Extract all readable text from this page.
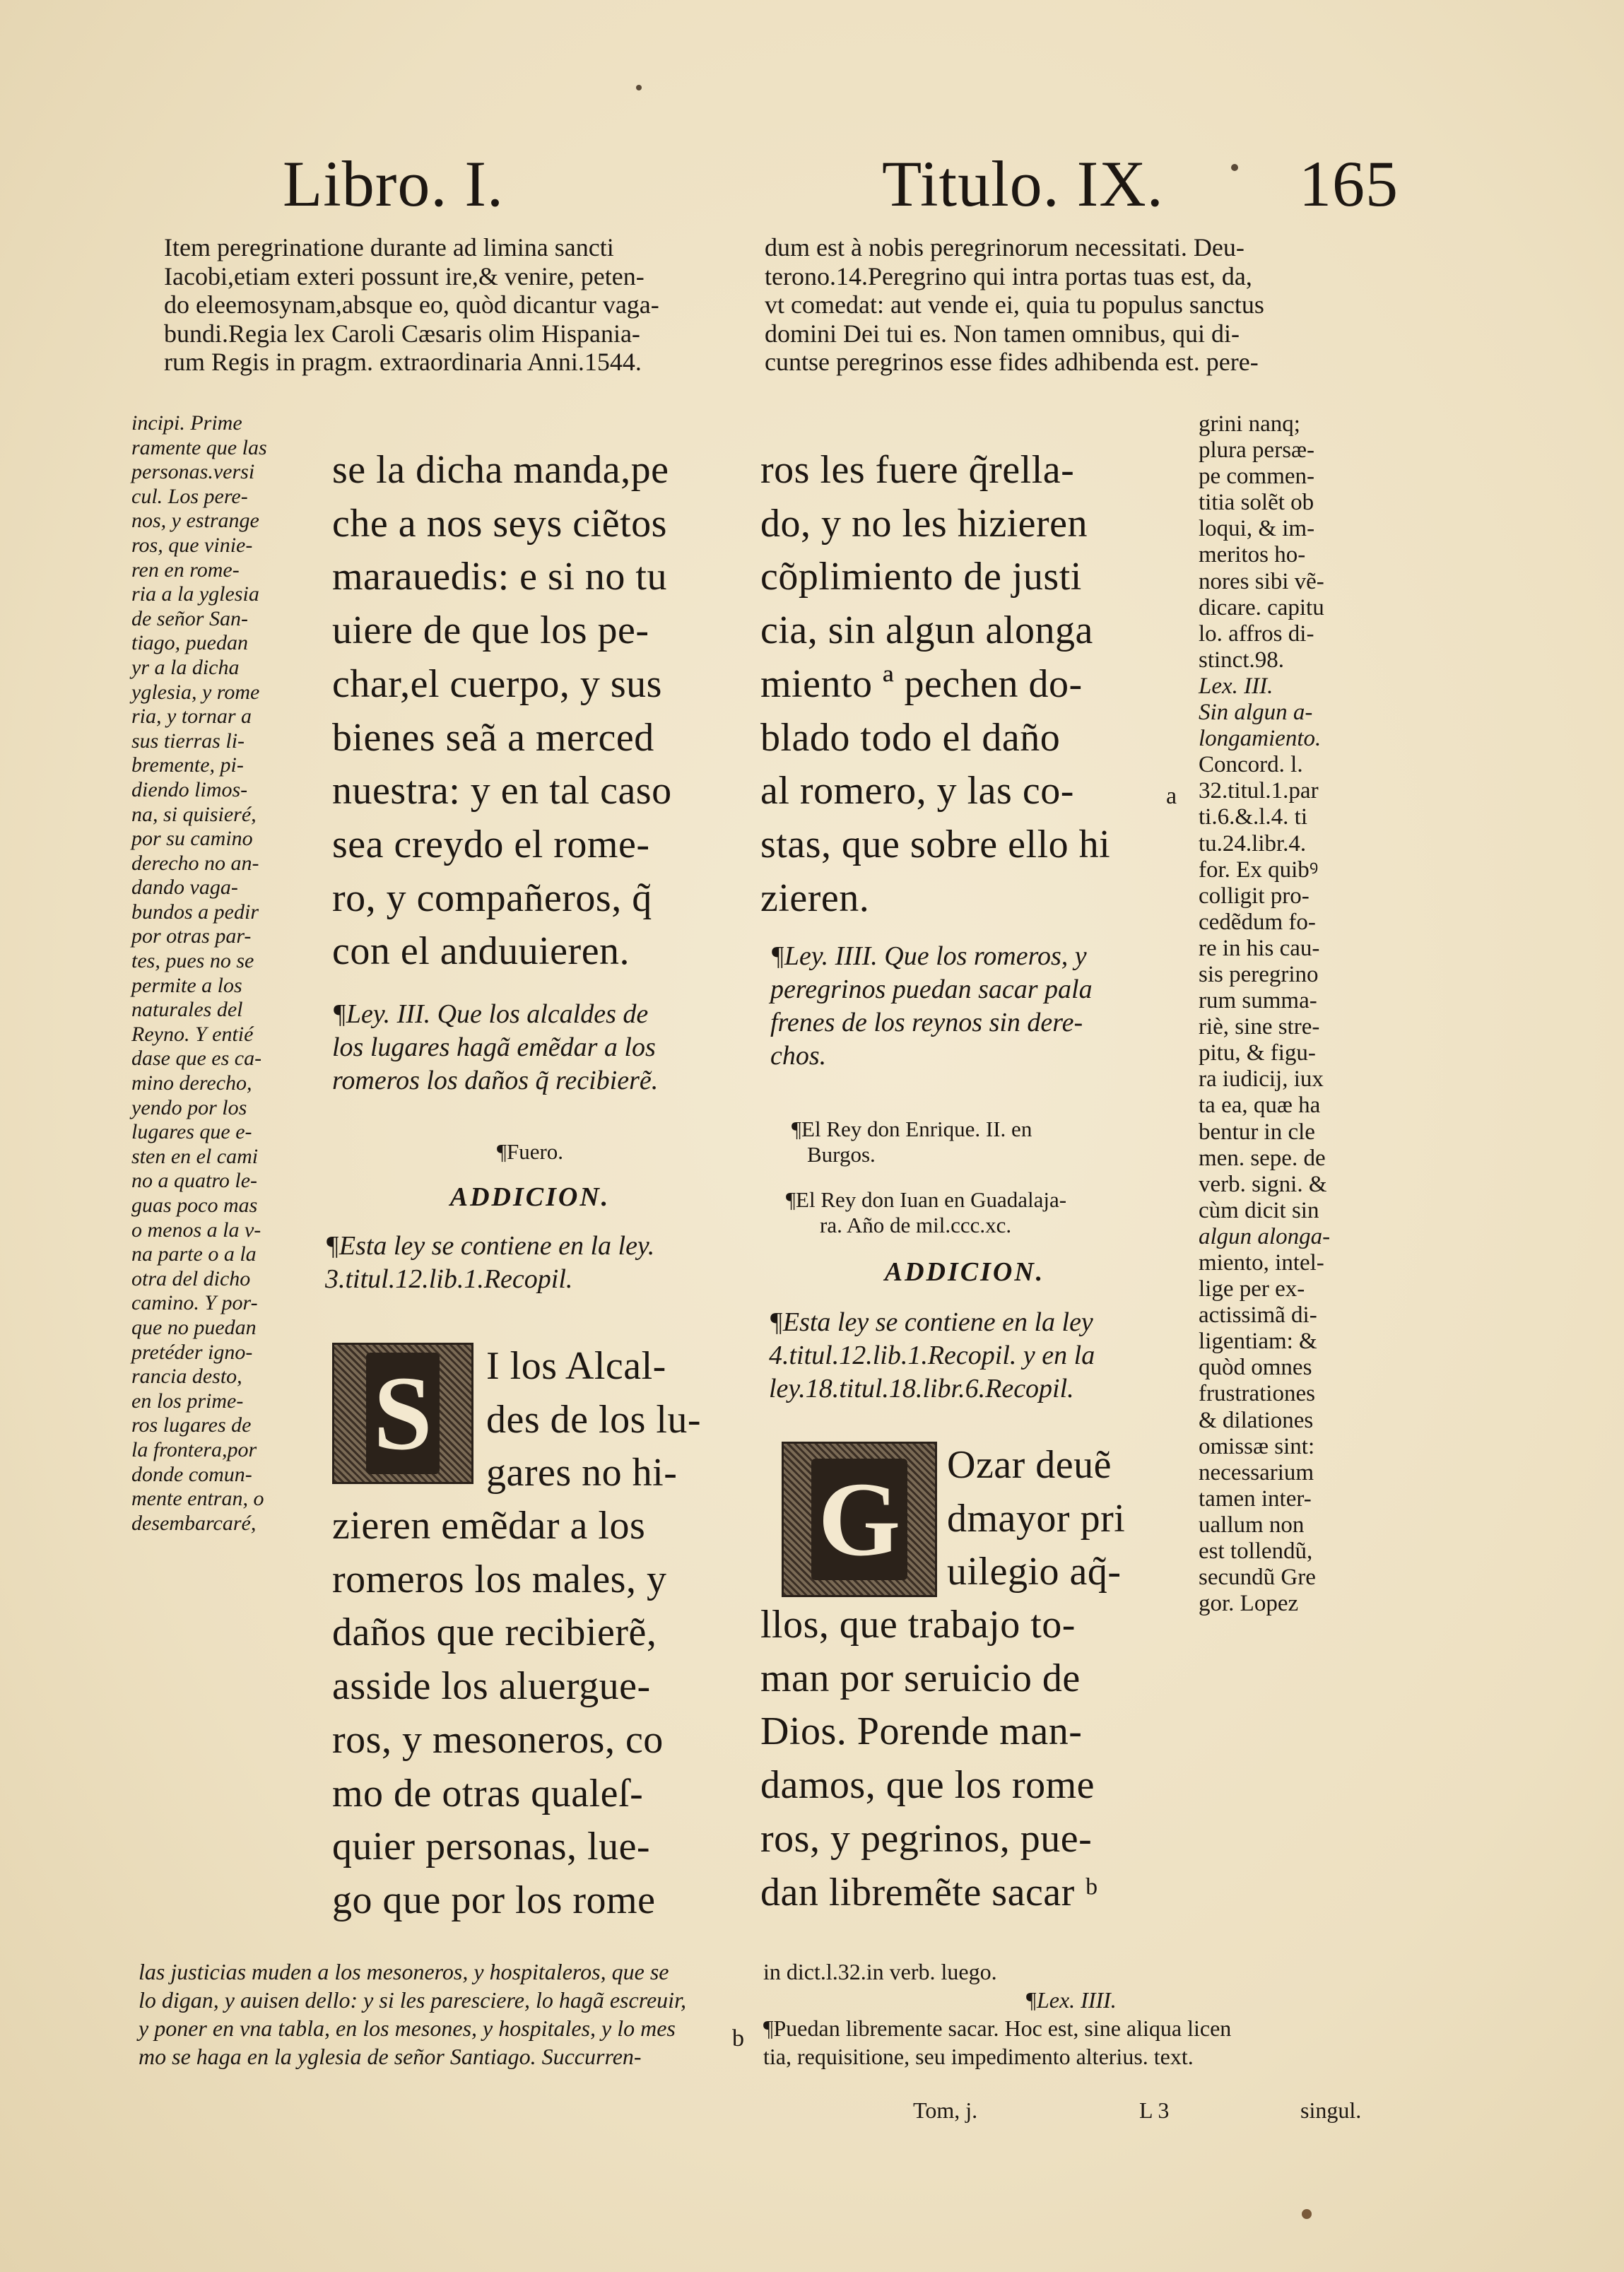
Libro. I.	Titulo. IX. 165
Item peregrinatione durante ad limina sancti
Iacobi,etiam exteri possunt ire,& venire, peten-
do eleemosynam,absque eo, quòd dicantur vaga-
bundi.Regia lex Caroli Cæsaris olim Hispania-
rum Regis in pragm. extraordinaria Anni.1544.
dum est à nobis peregrinorum necessitati. Deu-
terono.14.Peregrino qui intra portas tuas est, da,
vt comedat: aut vende ei, quia tu populus sanctus
domini Dei tui es. Non tamen omnibus, qui di-
cuntse peregrinos esse fides adhibenda est. pere-
incipi. Prime
ramente que las
personas.versi
cul. Los pere-
nos, y estrange
ros, que vinie-
ren en rome-
ria a la yglesia
de señor San-
tiago, puedan
yr a la dicha
yglesia, y rome
ria, y tornar a
sus tierras li-
bremente, pi-
diendo limos-
na, si quisieré,
por su camino
derecho no an-
dando vaga-
bundos a pedir
por otras par-
tes, pues no se
permite a los
naturales del
Reyno. Y entié
dase que es ca-
mino derecho,
yendo por los
lugares que e-
sten en el cami
no a quatro le-
guas poco mas
o menos a la v-
na parte o a la
otra del dicho
camino. Y por-
que no puedan
pretéder igno-
rancia desto,
en los prime-
ros lugares de
la frontera,por
donde comun-
mente entran, o
desembarcaré,
se la dicha manda,pe
che a nos seys ciẽtos
marauedis: e si no tu
uiere de que los pe-
char,el cuerpo, y sus
bienes seã a merced
nuestra: y en tal caso
sea creydo el rome-
ro, y compañeros, q̃
con el anduuieren.
¶Ley. III. Que los alcaldes de
los lugares hagã emẽdar a los
romeros los daños q̃ recibierẽ.
¶Fuero.
ADDICION.
¶Esta ley se contiene en la ley.
3.titul.12.lib.1.Recopil.
S I los Alcal-
des de los lu-
gares no hi-
zieren emẽdar a los
romeros los males, y
daños que recibierẽ,
asside los aluergue-
ros, y mesoneros, co
mo de otras qualeſ-
quier personas, lue-
go que por los rome
ros les fuere q̃rella-
do, y no les hizieren
cõplimiento de justi
cia, sin algun alonga
miento ª pechen do-
blado todo el daño
al romero, y las co-
stas, que sobre ello hi
zieren.
a
¶Ley. IIII. Que los romeros, y
peregrinos puedan sacar pala
frenes de los reynos sin dere-
chos.
¶El Rey don Enrique. II. en
Burgos.
¶El Rey don Iuan en Guadalaja-
ra. Año de mil.ccc.xc.
ADDICION.
¶Esta ley se contiene en la ley
4.titul.12.lib.1.Recopil. y en la
ley.18.titul.18.libr.6.Recopil.
G Ozar deuẽ
dmayor pri
uilegio aq̃-
llos, que trabajo to-
man por seruicio de
Dios. Porende man-
damos, que los rome
ros, y pegrinos, pue-
dan libremẽte sacar ᵇ
grini nanq;
plura persæ-
pe commen-
titia solẽt ob
loqui, & im-
meritos ho-
nores sibi vẽ-
dicare. capitu
lo. affros di-
stinct.98.
Lex. III.
Sin algun a-
longamiento.
Concord. l.
32.titul.1.par
ti.6.&.l.4. ti
tu.24.libr.4.
for. Ex quibꝰ
colligit pro-
cedẽdum fo-
re in his cau-
sis peregrino
rum summa-
riè, sine stre-
pitu, & figu-
ra iudicij, iux
ta ea, quæ ha
bentur in cle
men. sepe. de
verb. signi. &
cùm dicit sin
algun alonga-
miento, intel-
lige per ex-
actissimã di-
ligentiam: &
quòd omnes
frustrationes
& dilationes
omissæ sint:
necessarium
tamen inter-
uallum non
est tollendũ,
secundũ Gre
gor. Lopez
las justicias muden a los mesoneros, y hospitaleros, que se
lo digan, y auisen dello: y si les paresciere, lo hagã escreuir,
y poner en vna tabla, en los mesones, y hospitales, y lo mes
mo se haga en la yglesia de señor Santiago. Succurren-
b
in dict.l.32.in verb. luego.
¶Lex. IIII.
¶Puedan libremente sacar. Hoc est, sine aliqua licen
tia, requisitione, seu impedimento alterius. text.
Tom, j.	L 3	singul.
